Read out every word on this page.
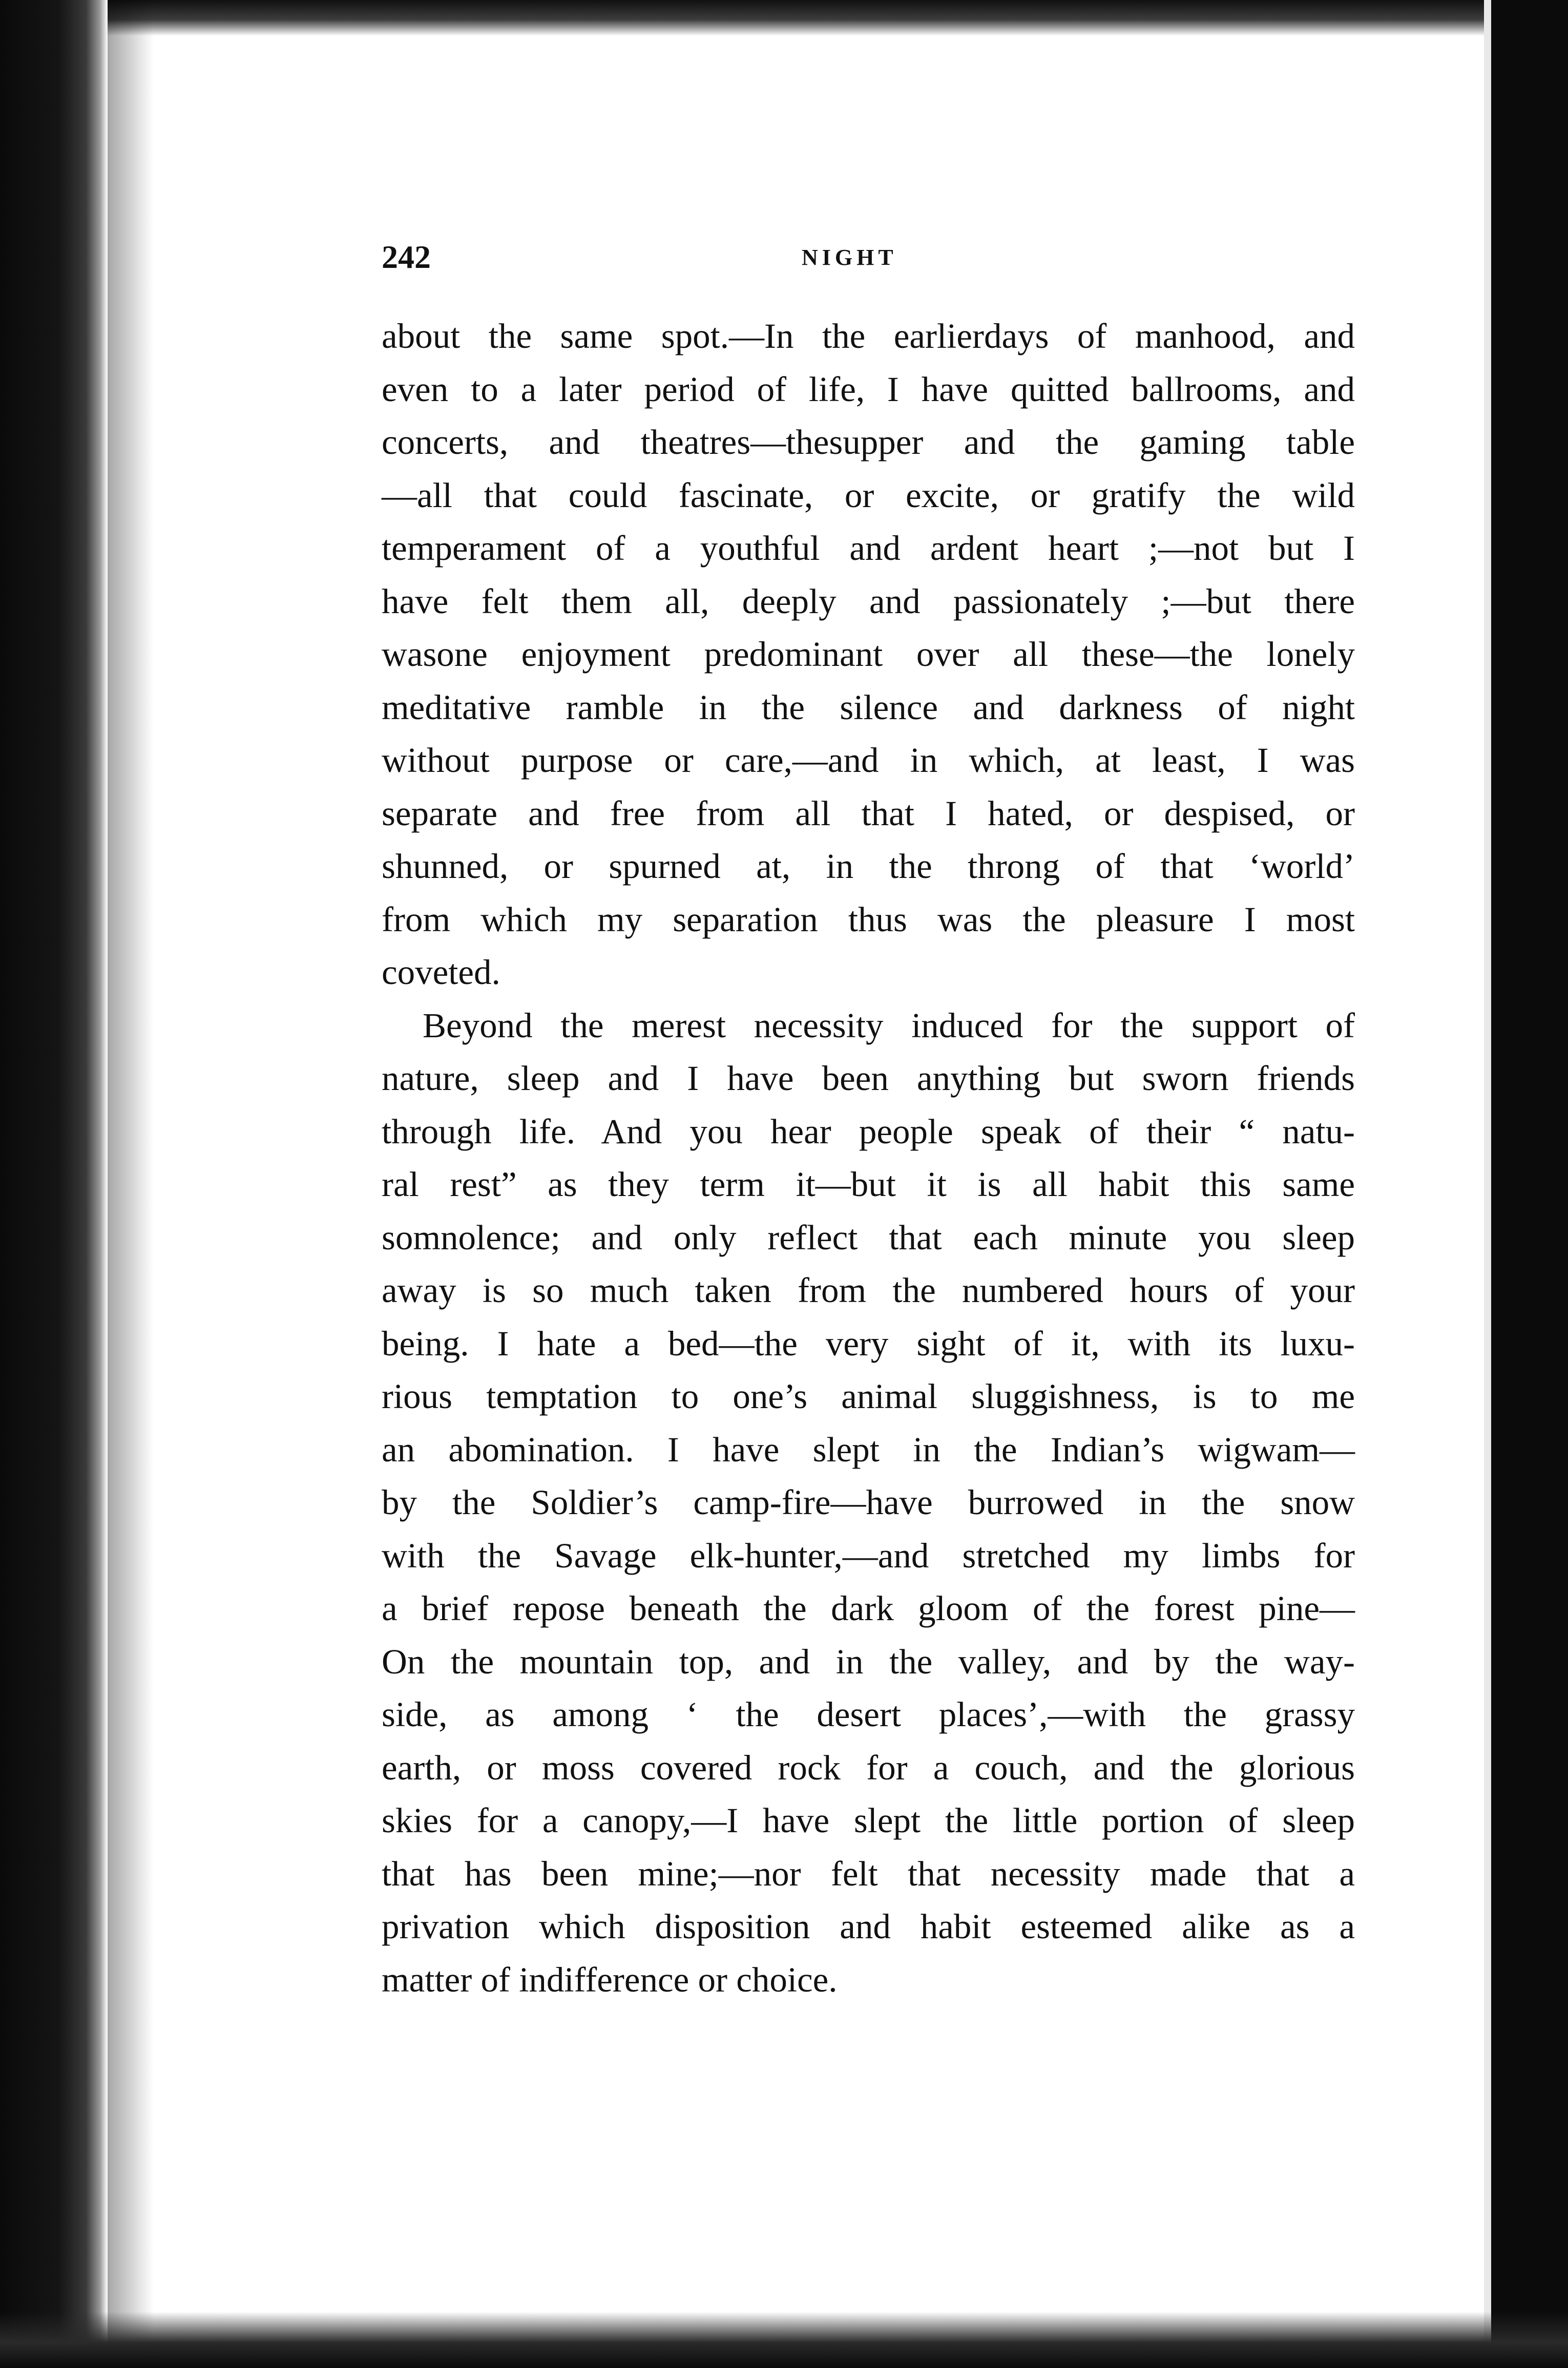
242	NIGHT
about the same spot.—In the earlierdays of manhood, and
even to a later period of life, I have quitted ballrooms, and
concerts, and theatres—thesupper and the gaming table
—all that could fascinate, or excite, or gratify the wild
temperament of a youthful and ardent heart ;—not but I
have felt them all, deeply and passionately ;—but there
wasone enjoyment predominant over all these—the lonely
meditative ramble in the silence and darkness of night
without purpose or care,—and in which, at least, I was
separate and free from all that I hated, or despised, or
shunned, or spurned at, in the throng of that ‘world’
from which my separation thus was the pleasure I most
coveted.
Beyond the merest necessity induced for the support of
nature, sleep and I have been anything but sworn friends
through life. And you hear people speak of their “ natu-
ral rest” as they term it—but it is all habit this same
somnolence; and only reflect that each minute you sleep
away is so much taken from the numbered hours of your
being. I hate a bed—the very sight of it, with its luxu-
rious temptation to one’s animal sluggishness, is to me
an abomination. I have slept in the Indian’s wigwam—
by the Soldier’s camp-fire—have burrowed in the snow
with the Savage elk-hunter,—and stretched my limbs for
a brief repose beneath the dark gloom of the forest pine—
On the mountain top, and in the valley, and by the way-
side, as among ‘ the desert places’,—with the grassy
earth, or moss covered rock for a couch, and the glorious
skies for a canopy,—I have slept the little portion of sleep
that has been mine;—nor felt that necessity made that a
privation which disposition and habit esteemed alike as a
matter of indifference or choice.
